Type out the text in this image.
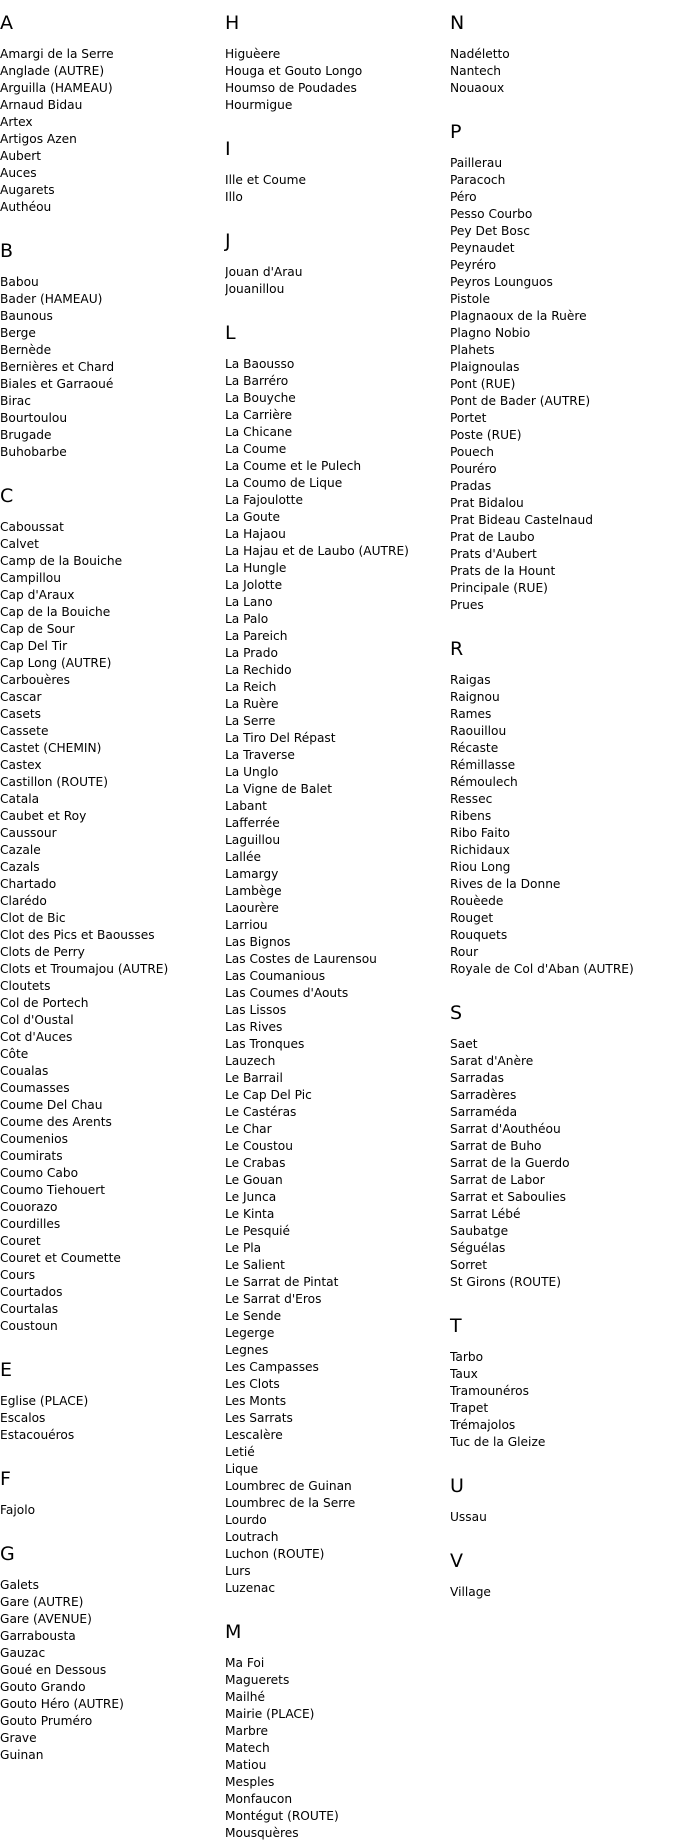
A
Amargi de la Serre
Anglade (AUTRE)
Arguilla (HAMEAU)
Arnaud Bidau
Artex
Artigos Azen
Aubert
Auces
Augarets
Authéou
B
Babou
Bader (HAMEAU)
Baunous
Berge
Bernède
Bernières et Chard
Biales et Garraoué
Birac
Bourtoulou
Brugade
Buhobarbe
C
Caboussat
Calvet
Camp de la Bouiche
Campillou
Cap d'Araux
Cap de la Bouiche
Cap de Sour
Cap Del Tir
Cap Long (AUTRE)
Carbouères
Cascar
Casets
Cassete
Castet (CHEMIN)
Castex
Castillon (ROUTE)
Catala
Caubet et Roy
Caussour
Cazale
Cazals
Chartado
Clarédo
Clot de Bic
Clot des Pics et Baousses
Clots de Perry
Clots et Troumajou (AUTRE)
Cloutets
Col de Portech
Col d'Oustal
Cot d'Auces
Côte
Coualas
Coumasses
Coume Del Chau
Coume des Arents
Coumenios
Coumirats
Coumo Cabo
Coumo Tiehouert
Couorazo
Courdilles
Couret
Couret et Coumette
Cours
Courtados
Courtalas
Coustoun
E
Eglise (PLACE)
Escalos
Estacouéros
F
Fajolo
G
Galets
Gare (AUTRE)
Gare (AVENUE)
Garrabousta
Gauzac
Goué en Dessous
Gouto Grando
Gouto Héro (AUTRE)
Gouto Pruméro
Grave
Guinan
H
Higuèere
Houga et Gouto Longo
Houmso de Poudades
Hourmigue
I
Ille et Coume
Illo
J
Jouan d'Arau
Jouanillou
L
La Baousso
La Barréro
La Bouyche
La Carrière
La Chicane
La Coume
La Coume et le Pulech
La Coumo de Lique
La Fajoulotte
La Goute
La Hajaou
La Hajau et de Laubo (AUTRE)
La Hungle
La Jolotte
La Lano
La Palo
La Pareich
La Prado
La Rechido
La Reich
La Ruère
La Serre
La Tiro Del Répast
La Traverse
La Unglo
La Vigne de Balet
Labant
Lafferrée
Laguillou
Lallée
Lamargy
Lambège
Laourère
Larriou
Las Bignos
Las Costes de Laurensou
Las Coumanious
Las Coumes d'Aouts
Las Lissos
Las Rives
Las Tronques
Lauzech
Le Barrail
Le Cap Del Pic
Le Castéras
Le Char
Le Coustou
Le Crabas
Le Gouan
Le Junca
Le Kinta
Le Pesquié
Le Pla
Le Salient
Le Sarrat de Pintat
Le Sarrat d'Eros
Le Sende
Legerge
Legnes
Les Campasses
Les Clots
Les Monts
Les Sarrats
Lescalère
Letié
Lique
Loumbrec de Guinan
Loumbrec de la Serre
Lourdo
Loutrach
Luchon (ROUTE)
Lurs
Luzenac
M
Ma Foi
Maguerets
Mailhé
Mairie (PLACE)
Marbre
Matech
Matiou
Mesples
Monfaucon
Montégut (ROUTE)
Mousquères
N
Nadéletto
Nantech
Nouaoux
P
Paillerau
Paracoch
Péro
Pesso Courbo
Pey Det Bosc
Peynaudet
Peyréro
Peyros Lounguos
Pistole
Plagnaoux de la Ruère
Plagno Nobio
Plahets
Plaignoulas
Pont (RUE)
Pont de Bader (AUTRE)
Portet
Poste (RUE)
Pouech
Pouréro
Pradas
Prat Bidalou
Prat Bideau Castelnaud
Prat de Laubo
Prats d'Aubert
Prats de la Hount
Principale (RUE)
Prues
R
Raigas
Raignou
Rames
Raouillou
Récaste
Rémillasse
Rémoulech
Ressec
Ribens
Ribo Faito
Richidaux
Riou Long
Rives de la Donne
Rouèede
Rouget
Rouquets
Rour
Royale de Col d'Aban (AUTRE)
S
Saet
Sarat d'Anère
Sarradas
Sarradères
Sarraméda
Sarrat d'Aouthéou
Sarrat de Buho
Sarrat de la Guerdo
Sarrat de Labor
Sarrat et Saboulies
Sarrat Lébé
Saubatge
Séguélas
Sorret
St Girons (ROUTE)
T
Tarbo
Taux
Tramounéros
Trapet
Trémajolos
Tuc de la Gleize
U
Ussau
V
Village
